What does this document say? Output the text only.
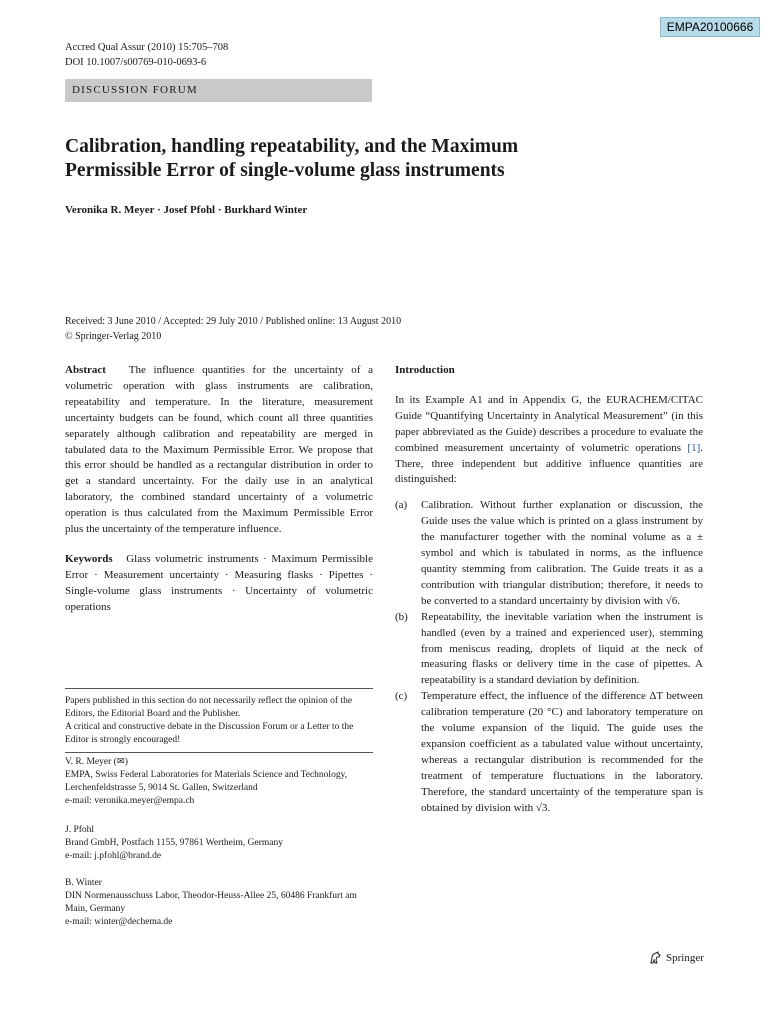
EMPA20100666
Accred Qual Assur (2010) 15:705–708
DOI 10.1007/s00769-010-0693-6
DISCUSSION FORUM
Calibration, handling repeatability, and the Maximum
Permissible Error of single-volume glass instruments
Veronika R. Meyer · Josef Pfohl · Burkhard Winter
Received: 3 June 2010 / Accepted: 29 July 2010 / Published online: 13 August 2010
© Springer-Verlag 2010

Abstract The influence quantities for the uncertainty of a volumetric operation with glass instruments are calibration, repeatability and temperature. In the literature, measurement uncertainty budgets can be found, which count all three quantities separately although calibration and repeatability are merged in tabulated data to the Maximum Permissible Error. We propose that this error should be handled as a rectangular distribution in order to get a standard uncertainty. For the daily use in an analytical laboratory, the combined standard uncertainty of a volumetric operation is thus calculated from the Maximum Permissible Error plus the uncertainty of the temperature influence.

Keywords Glass volumetric instruments · Maximum Permissible Error · Measurement uncertainty · Measuring flasks · Pipettes · Single-volume glass instruments · Uncertainty of volumetric operations

Papers published in this section do not necessarily reflect the opinion of the Editors, the Editorial Board and the Publisher.

A critical and constructive debate in the Discussion Forum or a Letter to the Editor is strongly encouraged!

V. R. Meyer (✉)
EMPA, Swiss Federal Laboratories for Materials Science and Technology, Lerchenfeldstrasse 5, 9014 St. Gallen, Switzerland
e-mail: veronika.meyer@empa.ch
J. Pfohl
Brand GmbH, Postfach 1155, 97861 Wertheim, Germany
e-mail: j.pfohl@brand.de
B. Winter
DIN Normenausschuss Labor, Theodor-Heuss-Allee 25, 60486 Frankfurt am Main, Germany
e-mail: winter@dechema.de
Introduction

In its Example A1 and in Appendix G, the EURACHEM/CITAC Guide “Quantifying Uncertainty in Analytical Measurement” (in this paper abbreviated as the Guide) describes a procedure to evaluate the combined measurement uncertainty of volumetric operations [1]. There, three independent but additive influence quantities are distinguished:

(a)	Calibration. Without further explanation or discussion, the Guide uses the value which is printed on a glass instrument by the manufacturer together with the nominal volume as a ± symbol and which is tabulated in norms, as the influence quantity stemming from calibration. The Guide treats it as a contribution with triangular distribution; therefore, it needs to be converted to a standard uncertainty by division with √6.
(b)	Repeatability, the inevitable variation when the instrument is handled (even by a trained and experienced user), stemming from meniscus reading, droplets of liquid at the neck of measuring flasks or delivery time in the case of pipettes. A repeatability is a standard deviation by definition.
(c)	Temperature effect, the influence of the difference ΔT between calibration temperature (20 °C) and laboratory temperature on the volume expansion of the liquid. The guide uses the expansion coefficient as a tabulated value without uncertainty, whereas a rectangular distribution is recommended for the treatment of temperature fluctuations in the laboratory. Therefore, the standard uncertainty of the temperature span is obtained by division with √3.
Springer
